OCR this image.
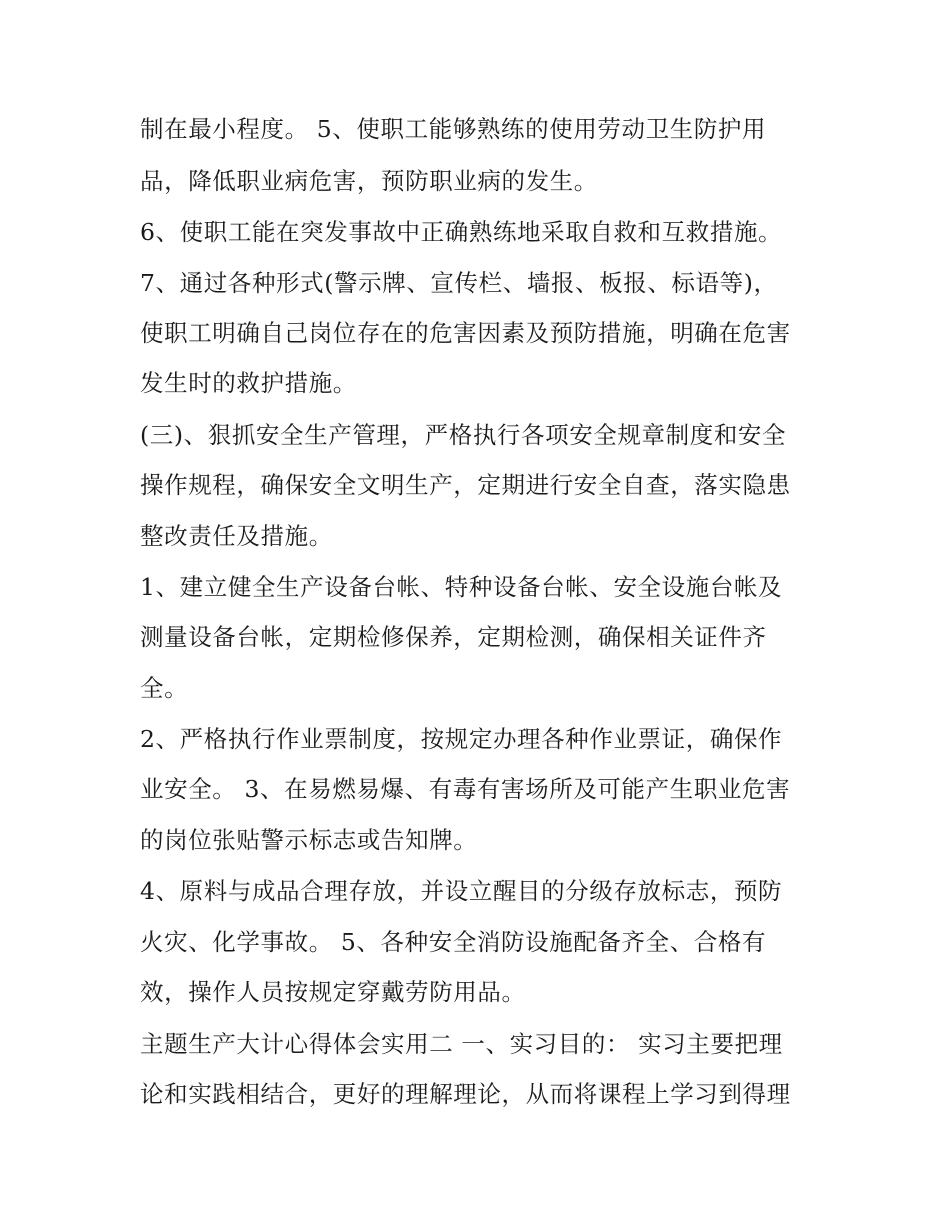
制在最小程度。 5、使职工能够熟练的使用劳动卫生防护用
品，降低职业病危害，预防职业病的发生。
6、使职工能在突发事故中正确熟练地采取自救和互救措施。
7、通过各种形式(警示牌、宣传栏、墙报、板报、标语等)，
使职工明确自己岗位存在的危害因素及预防措施，明确在危害
发生时的救护措施。
(三)、狠抓安全生产管理，严格执行各项安全规章制度和安全
操作规程，确保安全文明生产，定期进行安全自查，落实隐患
整改责任及措施。
1、建立健全生产设备台帐、特种设备台帐、安全设施台帐及
测量设备台帐，定期检修保养，定期检测，确保相关证件齐
全。
2、严格执行作业票制度，按规定办理各种作业票证，确保作
业安全。 3、在易燃易爆、有毒有害场所及可能产生职业危害
的岗位张贴警示标志或告知牌。
4、原料与成品合理存放，并设立醒目的分级存放标志，预防
火灾、化学事故。 5、各种安全消防设施配备齐全、合格有
效，操作人员按规定穿戴劳防用品。
主题生产大计心得体会实用二 一、实习目的： 实习主要把理
论和实践相结合，更好的理解理论，从而将课程上学习到得理
